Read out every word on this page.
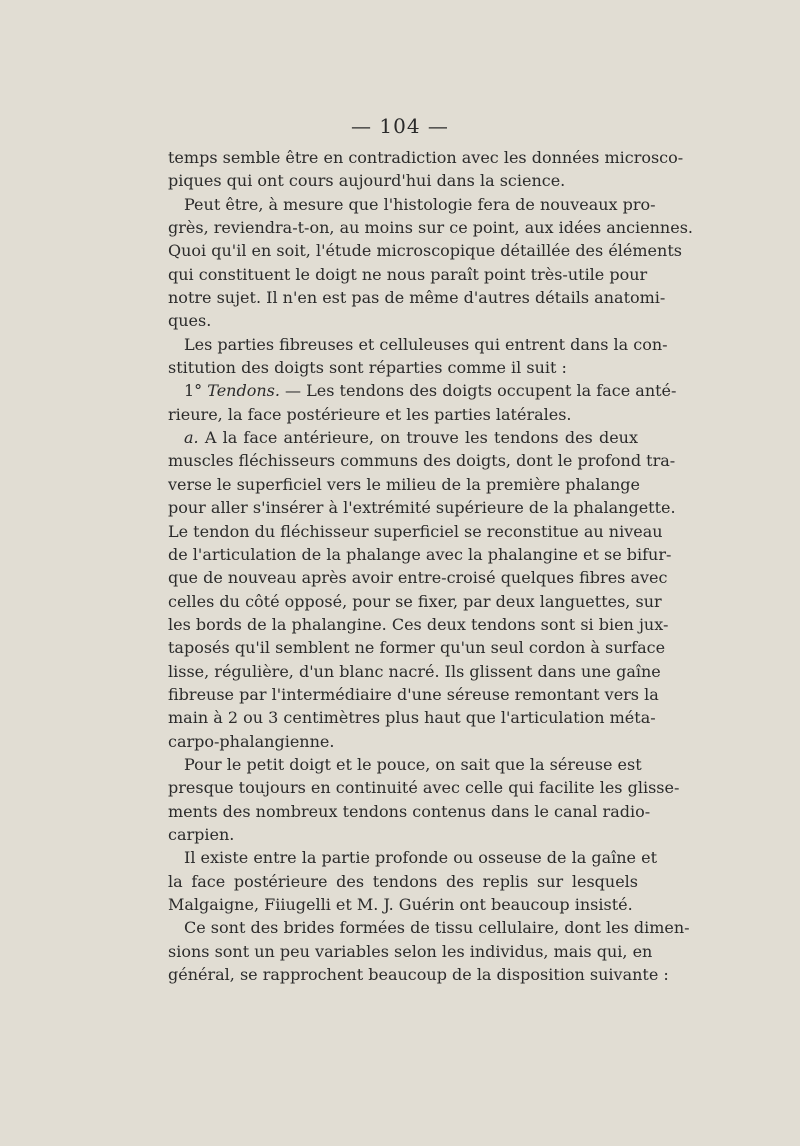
— 104 —
temps semble être en contradiction avec les données microsco-
piques qui ont cours aujourd'hui dans la science.
Peut être, à mesure que l'histologie fera de nouveaux pro-
grès, reviendra-t-on, au moins sur ce point, aux idées anciennes.
Quoi qu'il en soit, l'étude microscopique détaillée des éléments
qui constituent le doigt ne nous paraît point très-utile pour
notre sujet. Il n'en est pas de même d'autres détails anatomi-
ques.
Les parties fibreuses et celluleuses qui entrent dans la con-
stitution des doigts sont réparties comme il suit :
1° Tendons. — Les tendons des doigts occupent la face anté-
rieure, la face postérieure et les parties latérales.
a. A la face antérieure, on trouve les tendons des deux
muscles fléchisseurs communs des doigts, dont le profond tra-
verse le superficiel vers le milieu de la première phalange
pour aller s'insérer à l'extrémité supérieure de la phalangette.
Le tendon du fléchisseur superficiel se reconstitue au niveau
de l'articulation de la phalange avec la phalangine et se bifur-
que de nouveau après avoir entre-croisé quelques fibres avec
celles du côté opposé, pour se fixer, par deux languettes, sur
les bords de la phalangine. Ces deux tendons sont si bien jux-
taposés qu'il semblent ne former qu'un seul cordon à surface
lisse, régulière, d'un blanc nacré. Ils glissent dans une gaîne
fibreuse par l'intermédiaire d'une séreuse remontant vers la
main à 2 ou 3 centimètres plus haut que l'articulation méta-
carpo-phalangienne.
Pour le petit doigt et le pouce, on sait que la séreuse est
presque toujours en continuité avec celle qui facilite les glisse-
ments des nombreux tendons contenus dans le canal radio-
carpien.
Il existe entre la partie profonde ou osseuse de la gaîne et
la face postérieure des tendons des replis sur lesquels
Malgaigne, Fiiugelli et M. J. Guérin ont beaucoup insisté.
Ce sont des brides formées de tissu cellulaire, dont les dimen-
sions sont un peu variables selon les individus, mais qui, en
général, se rapprochent beaucoup de la disposition suivante :
